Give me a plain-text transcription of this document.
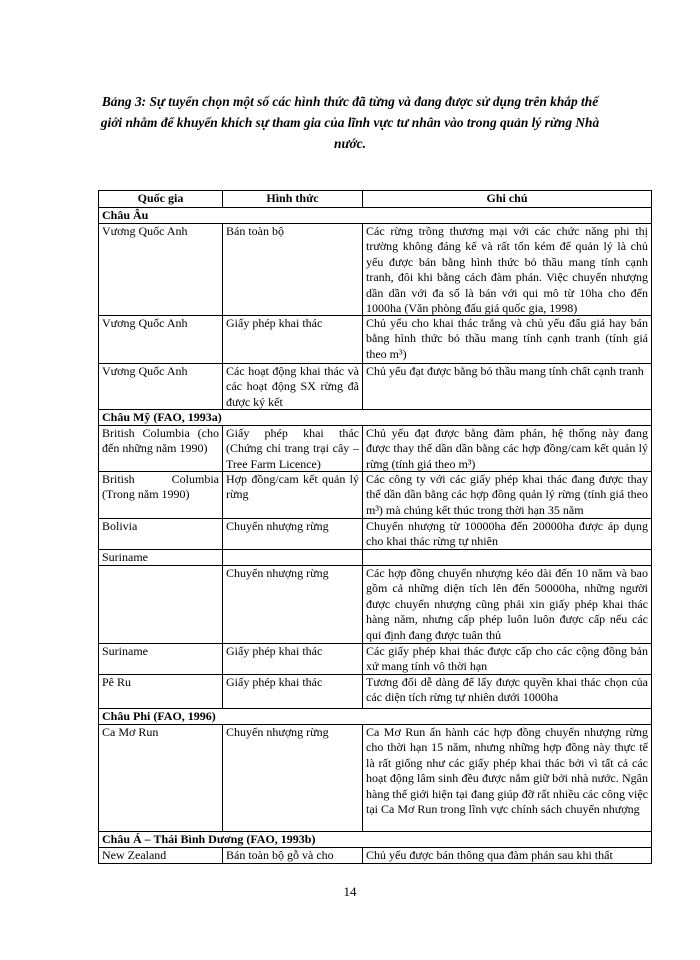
Bảng 3: Sự tuyển chọn một số các hình thức đã từng và đang được sử dụng trên khắp thế giới nhằm để khuyến khích sự tham gia của lĩnh vực tư nhân vào trong quản lý rừng Nhà nước.
Quốc gia	Hình thức	Ghi chú

Châu Âu		

Vương Quốc Anh	Bán toàn bộ	Các rừng trồng thương mại với các chức năng phi thị trường không đáng kể và rất tốn kém để quản lý là chủ yếu được bán bằng hình thức bỏ thầu mang tính cạnh tranh, đôi khi bằng cách đàm phán. Việc chuyển nhượng dần dần với đa số là bán với qui mô từ 10ha cho đến 1000ha (Văn phòng đấu giá quốc gia, 1998)

Vương Quốc Anh	Giấy phép khai thác	Chủ yếu cho khai thác trắng và chủ yếu đấu giá hay bán bằng hình thức bỏ thầu mang tính cạnh tranh (tính giá theo m³)

Vương Quốc Anh	Các hoạt động khai thác và các hoạt động SX rừng đã được ký kết	Chủ yếu đạt được bằng bỏ thầu mang tính chất cạnh tranh

Châu Mỹ (FAO, 1993a)		

British Columbia (cho đến những năm 1990)	Giấy phép khai thác (Chứng chỉ trang trại cây – Tree Farm Licence)	Chủ yếu đạt được bằng đàm phán, hệ thống này đang được thay thế dần dần bằng các hợp đồng/cam kết quản lý rừng (tính giá theo m³)

British Columbia (Trong năm 1990)	Hợp đồng/cam kết quản lý rừng	Các công ty với các giấy phép khai thác đang được thay thế dần dần bằng các hợp đồng quản lý rừng (tính giá theo m³) mà chúng kết thúc trong thời hạn 35 năm

Bolivia	Chuyển nhượng rừng	Chuyển nhượng từ 10000ha đến 20000ha được áp dụng cho khai thác rừng tự nhiên

Suriname		

	Chuyển nhượng rừng	Các hợp đồng chuyển nhượng kéo dài đến 10 năm và bao gồm cả những diện tích lên đến 50000ha, những người được chuyển nhượng cũng phải xin giấy phép khai thác hàng năm, nhưng cấp phép luôn luôn được cấp nếu các qui định đang được tuân thủ

Suriname	Giấy phép khai thác	Các giấy phép khai thác được cấp cho các cộng đồng bản xứ mang tính vô thời hạn

Pê Ru	Giấy phép khai thác	Tương đối dễ dàng để lấy được quyền khai thác chọn của các diện tích rừng tự nhiên dưới 1000ha

Châu Phi (FAO, 1996)		

Ca Mơ Run	Chuyển nhượng rừng	Ca Mơ Run ấn hành các hợp đồng chuyển nhượng rừng cho thời hạn 15 năm, nhưng những hợp đồng này thực tế là rất giống như các giấy phép khai thác bởi vì tất cả các hoạt động lâm sinh đều được nắm giữ bởi nhà nước. Ngân hàng thế giới hiện tại đang giúp đỡ rất nhiều các công việc tại Ca Mơ Run trong lĩnh vực chính sách chuyển nhượng

Châu Á – Thái Bình Dương (FAO, 1993b)		

New Zealand	Bán toàn bộ gỗ và cho	Chủ yếu được bán thông qua đàm phán sau khi thất
14
